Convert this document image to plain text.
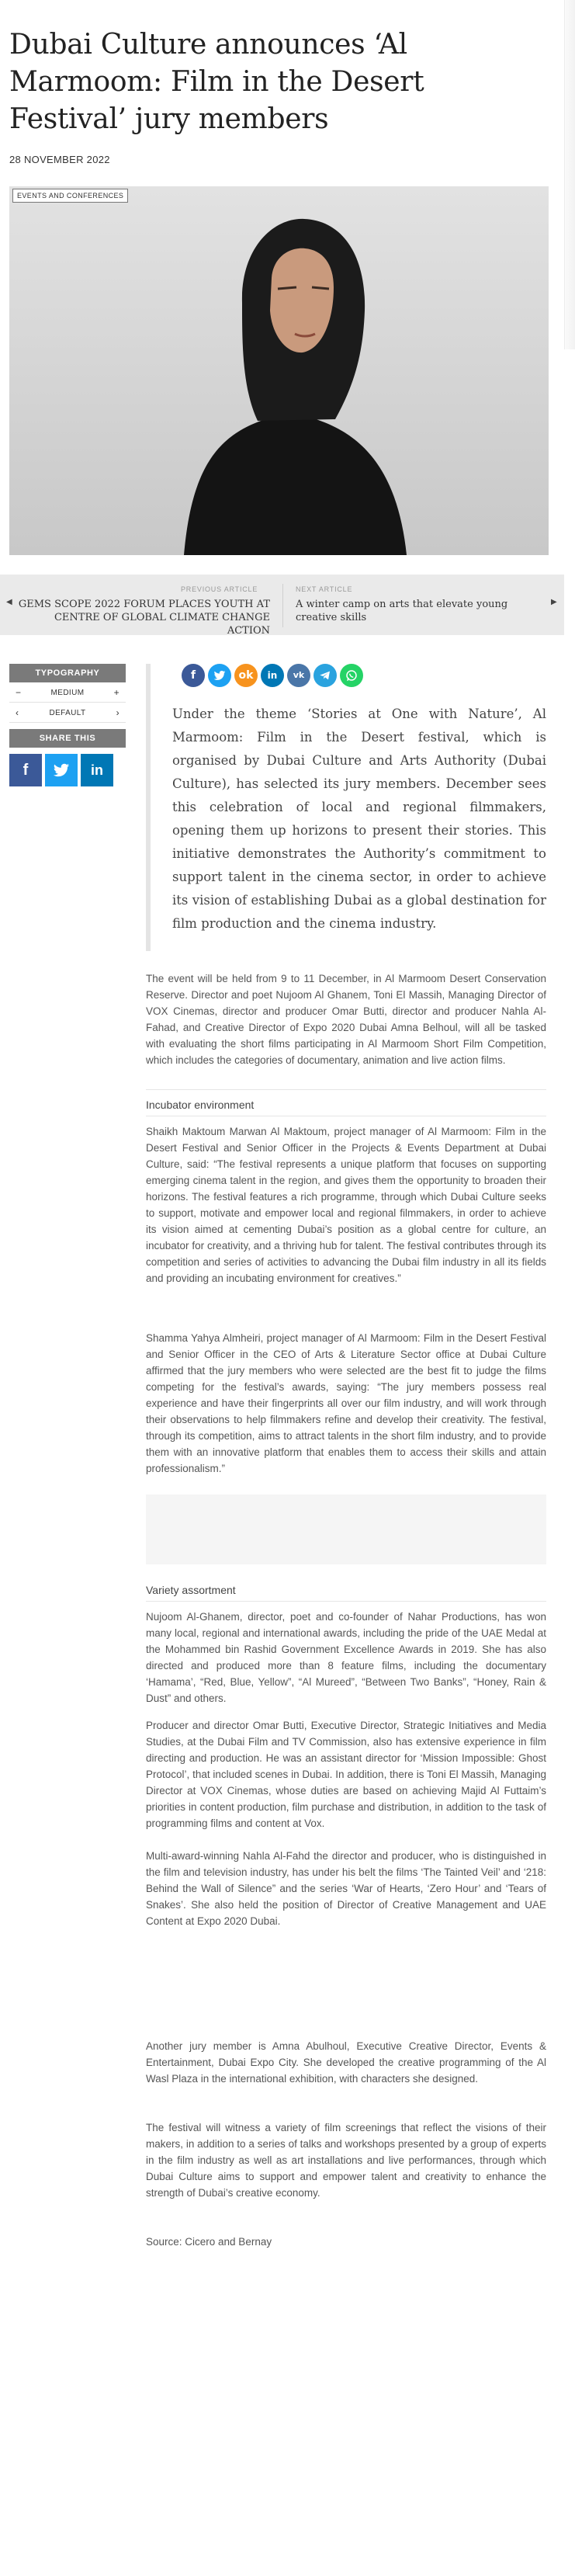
Dubai Culture announces ‘Al Marmoom: Film in the Desert Festival’ jury members
28 NOVEMBER 2022
EVENTS AND CONFERENCES
◀
PREVIOUS ARTICLE
GEMS SCOPE 2022 FORUM PLACES YOUTH AT CENTRE OF GLOBAL CLIMATE CHANGE ACTION
NEXT ARTICLE
A winter camp on arts that elevate young creative skills
▶
TYPOGRAPHY
−	MEDIUM	+
‹	DEFAULT	›
SHARE THIS
f	in
f	ok	in	vk

Under the theme ‘Stories at One with Nature’, Al Marmoom: Film in the Desert festival, which is organised by Dubai Culture and Arts Authority (Dubai Culture), has selected its jury members. December sees this celebration of local and regional filmmakers, opening them up horizons to present their stories. This initiative demonstrates the Authority’s commitment to support talent in the cinema sector, in order to achieve its vision of establishing Dubai as a global destination for film production and the cinema industry.

The event will be held from 9 to 11 December, in Al Marmoom Desert Conservation Reserve. Director and poet Nujoom Al Ghanem, Toni El Massih, Managing Director of VOX Cinemas, director and producer Omar Butti, director and producer Nahla Al-Fahad, and Creative Director of Expo 2020 Dubai Amna Belhoul, will all be tasked with evaluating the short films participating in Al Marmoom Short Film Competition, which includes the categories of documentary, animation and live action films.

Incubator environment

Shaikh Maktoum Marwan Al Maktoum, project manager of Al Marmoom: Film in the Desert Festival and Senior Officer in the Projects & Events Department at Dubai Culture, said: “The festival represents a unique platform that focuses on supporting emerging cinema talent in the region, and gives them the opportunity to broaden their horizons. The festival features a rich programme, through which Dubai Culture seeks to support, motivate and empower local and regional filmmakers, in order to achieve its vision aimed at cementing Dubai’s position as a global centre for culture, an incubator for creativity, and a thriving hub for talent. The festival contributes through its competition and series of activities to advancing the Dubai film industry in all its fields and providing an incubating environment for creatives.”

Shamma Yahya Almheiri, project manager of Al Marmoom: Film in the Desert Festival and Senior Officer in the CEO of Arts & Literature Sector office at Dubai Culture affirmed that the jury members who were selected are the best fit to judge the films competing for the festival’s awards, saying: “The jury members possess real experience and have their fingerprints all over our film industry, and will work through their observations to help filmmakers refine and develop their creativity. The festival, through its competition, aims to attract talents in the short film industry, and to provide them with an innovative platform that enables them to access their skills and attain professionalism.”

Variety assortment

Nujoom Al-Ghanem, director, poet and co-founder of Nahar Productions, has won many local, regional and international awards, including the pride of the UAE Medal at the Mohammed bin Rashid Government Excellence Awards in 2019. She has also directed and produced more than 8 feature films, including the documentary ‘Hamama’, “Red, Blue, Yellow”, “Al Mureed”, “Between Two Banks”, “Honey, Rain & Dust” and others.

Producer and director Omar Butti, Executive Director, Strategic Initiatives and Media Studies, at the Dubai Film and TV Commission, also has extensive experience in film directing and production. He was an assistant director for ‘Mission Impossible: Ghost Protocol’, that included scenes in Dubai. In addition, there is Toni El Massih, Managing Director at VOX Cinemas, whose duties are based on achieving Majid Al Futtaim’s priorities in content production, film purchase and distribution, in addition to the task of programming films and content at Vox.

Multi-award-winning Nahla Al-Fahd the director and producer, who is distinguished in the film and television industry, has under his belt the films ‘The Tainted Veil’ and ‘218: Behind the Wall of Silence” and the series ‘War of Hearts, ‘Zero Hour’ and ‘Tears of Snakes’. She also held the position of Director of Creative Management and UAE Content at Expo 2020 Dubai.

Another jury member is Amna Abulhoul, Executive Creative Director, Events & Entertainment, Dubai Expo City. She developed the creative programming of the Al Wasl Plaza in the international exhibition, with characters she designed.

The festival will witness a variety of film screenings that reflect the visions of their makers, in addition to a series of talks and workshops presented by a group of experts in the film industry as well as art installations and live performances, through which Dubai Culture aims to support and empower talent and creativity to enhance the strength of Dubai’s creative economy.

Source: Cicero and Bernay
